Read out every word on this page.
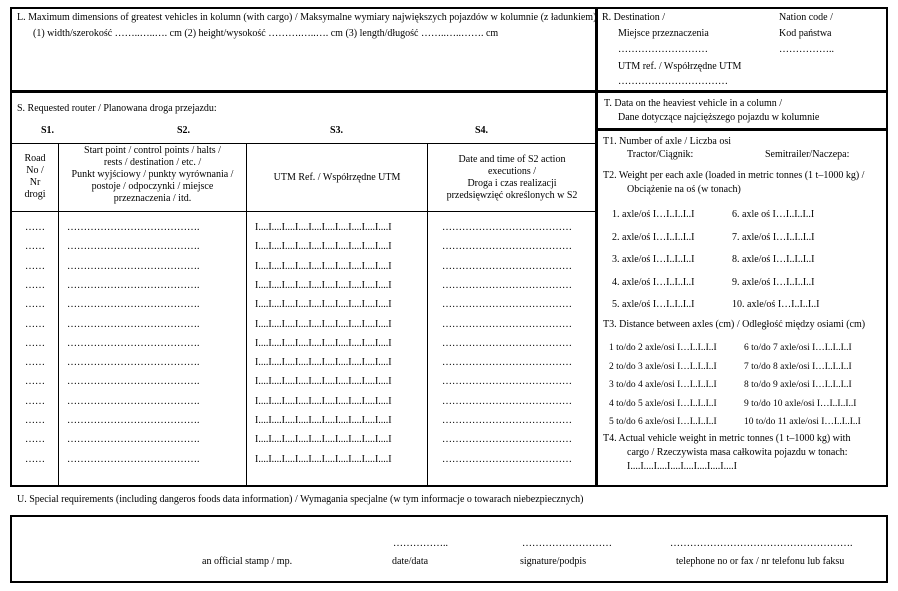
L. Maximum dimensions of greatest vehicles in kolumn (with cargo) / Maksymalne wymiary największych pojazdów w kolumnie (z ładunkiem)
(1) width/szerokość ……..…..…. cm (2) height/wysokość ……….…..…. cm (3) length/długość ……..…..……. cm
R. Destination /
Miejsce przeznaczenia
………………………
Nation code /
Kod państwa
……………..
UTM ref. / Współrzędne UTM
……………………………
S. Requested router / Planowana droga przejazdu:
S1.	S2.	S3.	S4.
Road
No /
Nr
drogi
Start point / control points / halts /
rests / destination / etc. /
Punkt wyjściowy / punkty wyrównania /
postoje / odpoczynki / miejsce
przeznaczenia / itd.
UTM Ref. / Współrzędne UTM
Date and time of S2 action
executions /
Droga i czas realizacji
przedsięwzięć określonych w S2
…… ………………………………….	I....I....I....I....I....I....I....I....I....I....I	…………………………………
…… ………………………………….	I....I....I....I....I....I....I....I....I....I....I	…………………………………
…… ………………………………….	I....I....I....I....I....I....I....I....I....I....I	…………………………………
…… ………………………………….	I....I....I....I....I....I....I....I....I....I....I	…………………………………
…… ………………………………….	I....I....I....I....I....I....I....I....I....I....I	…………………………………
…… ………………………………….	I....I....I....I....I....I....I....I....I....I....I	…………………………………
…… ………………………………….	I....I....I....I....I....I....I....I....I....I....I	…………………………………
…… ………………………………….	I....I....I....I....I....I....I....I....I....I....I	…………………………………
…… ………………………………….	I....I....I....I....I....I....I....I....I....I....I	…………………………………
…… ………………………………….	I....I....I....I....I....I....I....I....I....I....I	…………………………………
…… ………………………………….	I....I....I....I....I....I....I....I....I....I....I	…………………………………
…… ………………………………….	I....I....I....I....I....I....I....I....I....I....I	…………………………………
…… ………………………………….	I....I....I....I....I....I....I....I....I....I....I	…………………………………
T. Data on the heaviest vehicle in a column /
Dane dotyczące najcięższego pojazdu w kolumnie
T1. Number of axle / Liczba osi
Tractor/Ciągnik:	Semitrailer/Naczepa:
T2. Weight per each axle (loaded in metric tonnes (1 t–1000 kg) /
Obciążenie na oś (w tonach)
1. axle/oś I…I..I..I..I	6. axle oś I…I..I..I..I
2. axle/oś I…I..I..I..I	7. axle/oś I…I..I..I..I
3. axle/oś I…I..I..I..I	8. axle/oś I…I..I..I..I
4. axle/oś I…I..I..I..I	9. axle/oś I…I..I..I..I
5. axle/oś I…I..I..I..I	10. axle/oś I…I..I..I..I
T3. Distance between axles (cm) / Odległość między osiami (cm)
1 to/do 2 axle/osi I…I..I..I..I	6 to/do 7 axle/osi I…I..I..I..I
2 to/do 3 axle/osi I…I..I..I..I	7 to/do 8 axle/osi I…I..I..I..I
3 to/do 4 axle/osi I…I..I..I..I	8 to/do 9 axle/osi I…I..I..I..I
4 to/do 5 axle/osi I…I..I..I..I	9 to/do 10 axle/osi I…I..I..I..I
5 to/do 6 axle/osi I…I..I..I..I	10 to/do 11 axle/osi I…I..I..I..I
T4. Actual vehicle weight in metric tonnes (1 t–1000 kg) with
cargo / Rzeczywista masa całkowita pojazdu w tonach:
I....I....I....I....I....I....I....I....I
U. Special requirements (including dangeros foods data information) / Wymagania specjalne (w tym informacje o towarach niebezpiecznych)
an official stamp / mp.
……………..
date/data
………………………
signature/podpis
……………………………………………….
telephone no or fax / nr telefonu lub faksu
